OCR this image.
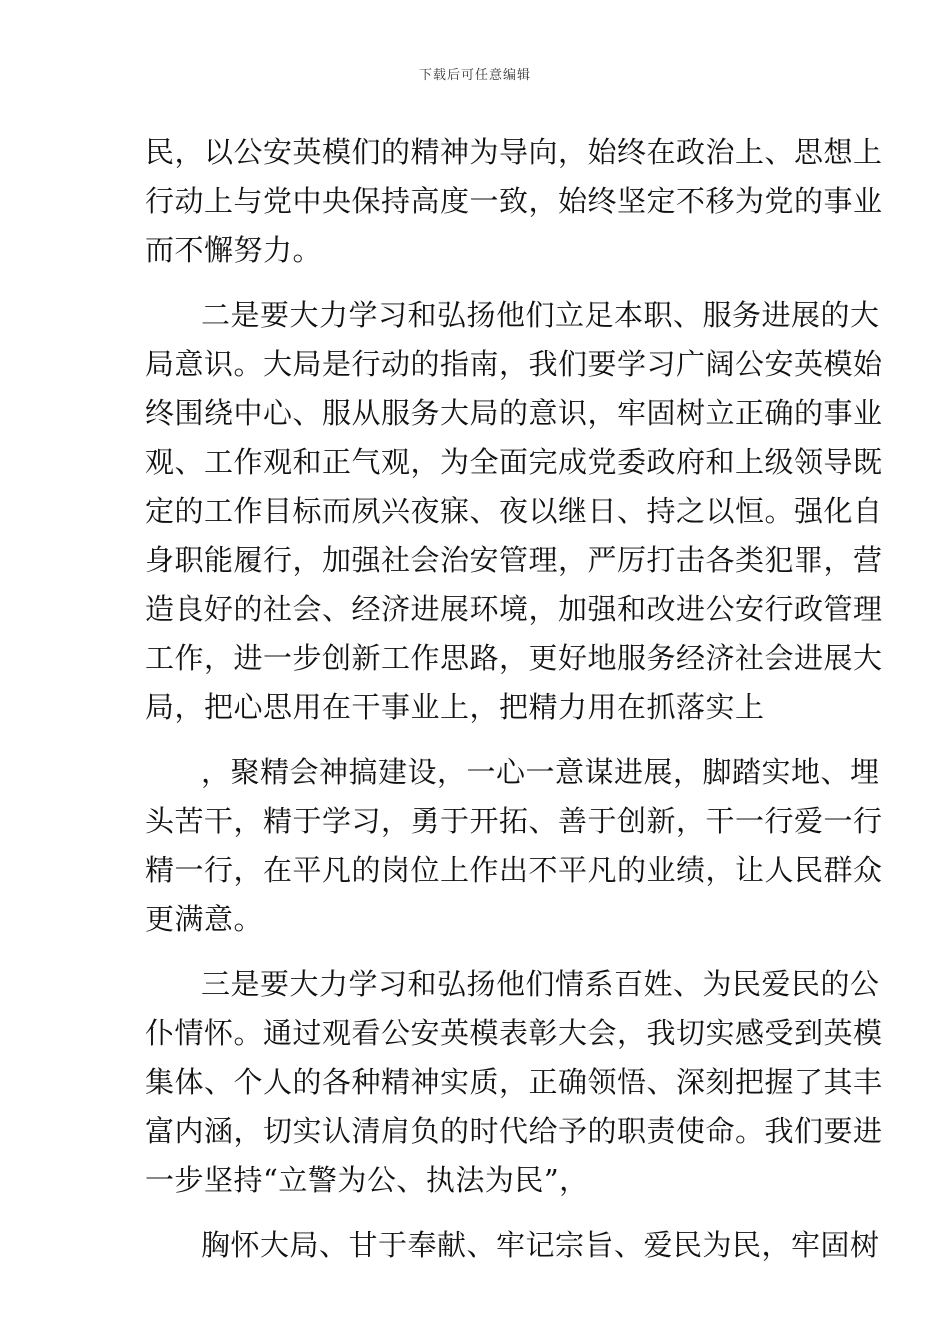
下载后可任意编辑
民，以公安英模们的精神为导向，始终在政治上、思想上
行动上与党中央保持高度一致，始终坚定不移为党的事业
而不懈努力。
二是要大力学习和弘扬他们立足本职、服务进展的大
局意识。大局是行动的指南，我们要学习广阔公安英模始
终围绕中心、服从服务大局的意识，牢固树立正确的事业
观、工作观和正气观，为全面完成党委政府和上级领导既
定的工作目标而夙兴夜寐、夜以继日、持之以恒。强化自
身职能履行，加强社会治安管理，严厉打击各类犯罪，营
造良好的社会、经济进展环境，加强和改进公安行政管理
工作，进一步创新工作思路，更好地服务经济社会进展大
局，把心思用在干事业上，把精力用在抓落实上
，聚精会神搞建设，一心一意谋进展，脚踏实地、埋
头苦干，精于学习，勇于开拓、善于创新，干一行爱一行
精一行，在平凡的岗位上作出不平凡的业绩，让人民群众
更满意。
三是要大力学习和弘扬他们情系百姓、为民爱民的公
仆情怀。通过观看公安英模表彰大会，我切实感受到英模
集体、个人的各种精神实质，正确领悟、深刻把握了其丰
富内涵，切实认清肩负的时代给予的职责使命。我们要进
一步坚持“立警为公、执法为民”，
胸怀大局、甘于奉献、牢记宗旨、爱民为民，牢固树
